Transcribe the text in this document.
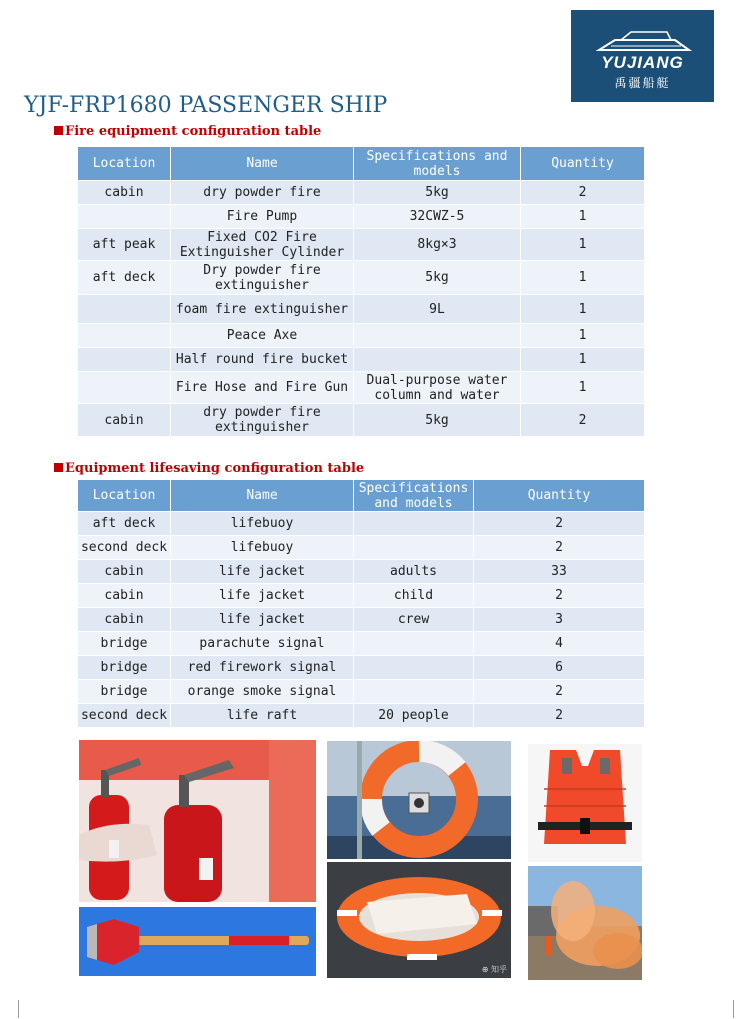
YUJIANG
禹疆船艇
YJF-FRP1680 PASSENGER SHIP
Fire equipment configuration table
Location	Name	Specifications and models	Quantity
cabin	dry powder fire	5kg	2
	Fire Pump	32CWZ-5	1
aft peak	Fixed CO2 Fire Extinguisher Cylinder	8kg×3	1
aft deck	Dry powder fire extinguisher	5kg	1
	foam fire extinguisher	9L	1
	Peace Axe		1
	Half round fire bucket		1
	Fire Hose and Fire Gun	Dual-purpose water column and water	1
cabin	dry powder fire extinguisher	5kg	2
Equipment lifesaving configuration table
Location	Name	Specifications and models	Quantity
aft deck	lifebuoy		2
second deck	lifebuoy		2
cabin	life jacket	adults	33
cabin	life jacket	child	2
cabin	life jacket	crew	3
bridge	parachute signal		4
bridge	red firework signal		6
bridge	orange smoke signal		2
second deck	life raft	20 people	2
⊕ 知乎
